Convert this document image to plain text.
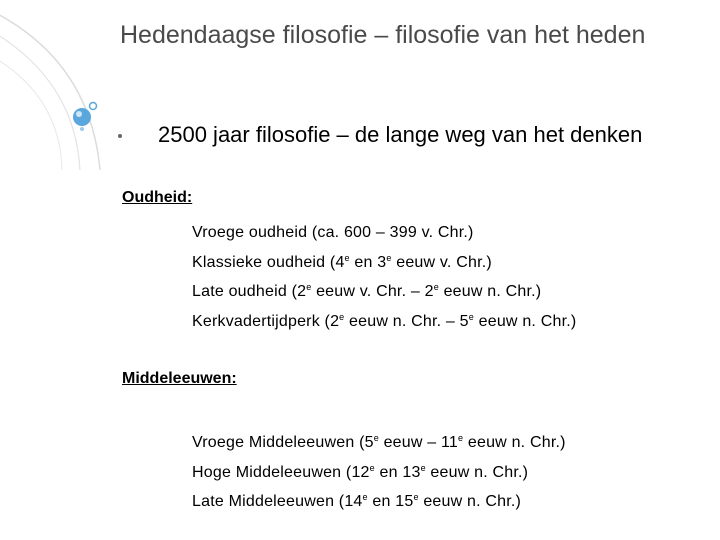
Hedendaagse filosofie – filosofie van het heden
2500 jaar filosofie – de lange weg van het denken
Oudheid:
Vroege oudheid (ca. 600 – 399 v. Chr.)
Klassieke oudheid (4e en 3e eeuw v. Chr.)
Late oudheid (2e eeuw v. Chr. – 2e eeuw n. Chr.)
Kerkvadertijdperk (2e eeuw n. Chr. – 5e eeuw n. Chr.)
Middeleeuwen:
Vroege Middeleeuwen (5e eeuw – 11e eeuw n. Chr.)
Hoge Middeleeuwen (12e en 13e eeuw n. Chr.)
Late Middeleeuwen (14e en 15e eeuw n. Chr.)
